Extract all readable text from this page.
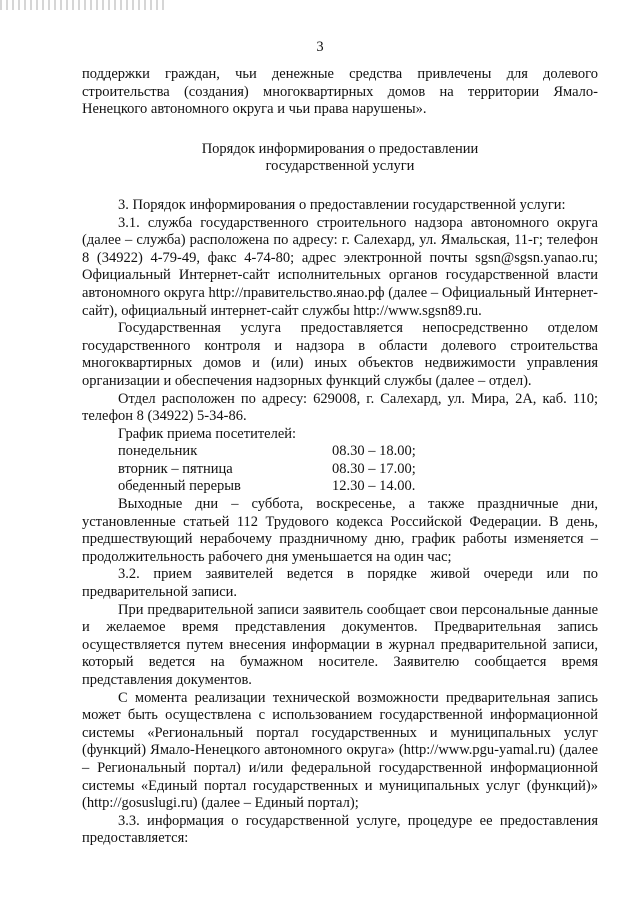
3

поддержки граждан, чьи денежные средства привлечены для долевого строительства (создания) многоквартирных домов на территории Ямало-Ненецкого автономного округа и чьи права нарушены».

Порядок информирования о предоставлении
государственной услуги

3. Порядок информирования о предоставлении государственной услуги:

3.1. служба государственного строительного надзора автономного округа (далее – служба) расположена по адресу: г. Салехард, ул. Ямальская, 11-г; телефон 8 (34922) 4-79-49, факс 4-74-80; адрес электронной почты sgsn@sgsn.yanao.ru; Официальный Интернет-сайт исполнительных органов государственной власти автономного округа http://правительство.янао.рф (далее – Официальный Интернет-сайт), официальный интернет-сайт службы http://www.sgsn89.ru.

Государственная услуга предоставляется непосредственно отделом государственного контроля и надзора в области долевого строительства многоквартирных домов и (или) иных объектов недвижимости управления организации и обеспечения надзорных функций службы (далее – отдел).

Отдел расположен по адресу: 629008, г. Салехард, ул. Мира, 2А, каб. 110; телефон 8 (34922) 5-34-86.

График приема посетителей:

понедельник	08.30 – 18.00;
вторник – пятница	08.30 – 17.00;
обеденный перерыв	12.30 – 14.00.

Выходные дни – суббота, воскресенье, а также праздничные дни, установленные статьей 112 Трудового кодекса Российской Федерации. В день, предшествующий нерабочему праздничному дню, график работы изменяется – продолжительность рабочего дня уменьшается на один час;

3.2. прием заявителей ведется в порядке живой очереди или по предварительной записи.

При предварительной записи заявитель сообщает свои персональные данные и желаемое время представления документов. Предварительная запись осуществляется путем внесения информации в журнал предварительной записи, который ведется на бумажном носителе. Заявителю сообщается время представления документов.

С момента реализации технической возможности предварительная запись может быть осуществлена с использованием государственной информационной системы «Региональный портал государственных и муниципальных услуг (функций) Ямало-Ненецкого автономного округа» (http://www.pgu-yamal.ru) (далее – Региональный портал) и/или федеральной государственной информационной системы «Единый портал государственных и муниципальных услуг (функций)» (http://gosuslugi.ru) (далее – Единый портал);

3.3. информация о государственной услуге, процедуре ее предоставления предоставляется:
